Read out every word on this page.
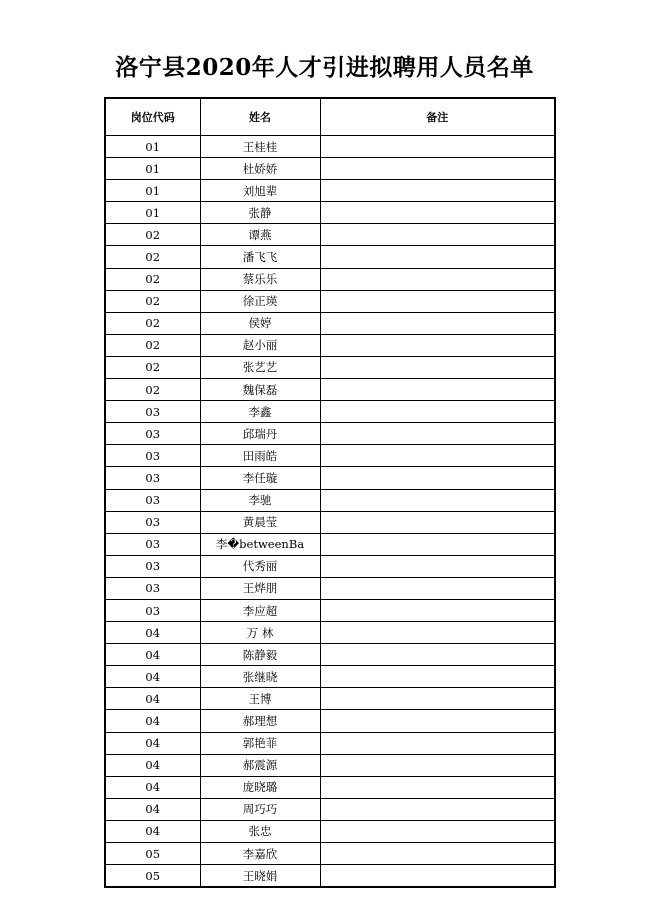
洛宁县2020年人才引进拟聘用人员名单
岗位代码	姓名	备注
01	王桂桂	
01	杜娇娇	
01	刘旭辈	
01	张静	
02	谭燕	
02	潘飞飞	
02	蔡乐乐	
02	徐正瑛	
02	侯婷	
02	赵小丽	
02	张艺艺	
02	魏保磊	
03	李鑫	
03	邱瑞丹	
03	田雨皓	
03	李任璇	
03	李驰	
03	黄晨莹	
03	李�betweenBa	
03	代秀丽	
03	王烨朋	
03	李应超	
04	万 林	
04	陈静毅	
04	张继晓	
04	王博	
04	郝理想	
04	郭艳菲	
04	郝震源	
04	庞晓璐	
04	周巧巧	
04	张忠	
05	李嘉欣	
05	王晓娟	
